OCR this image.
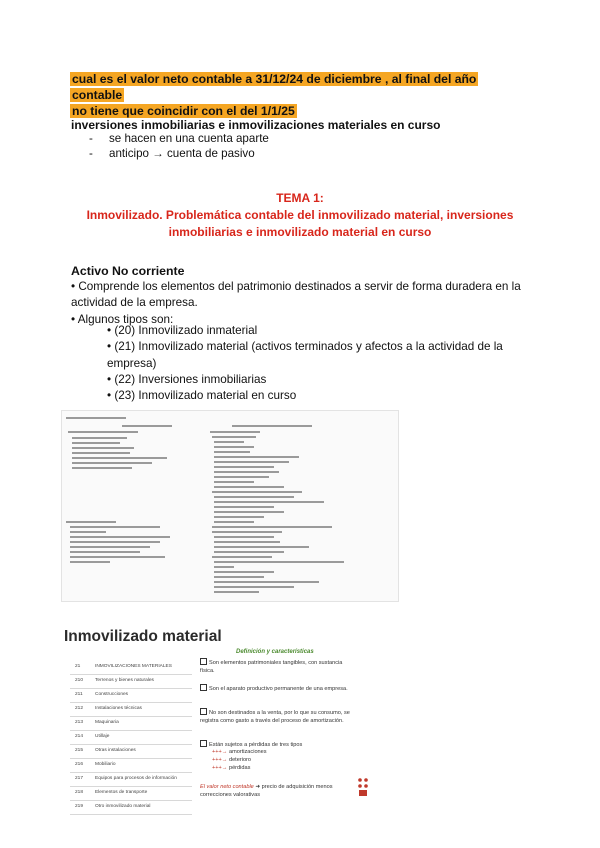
cual es el valor neto contable a 31/12/24 de diciembre , al final del año contable
no tiene que coincidir con el del 1/1/25
inversiones inmobiliarias e inmovilizaciones materiales en curso
- se hacen en una cuenta aparte
- anticipo → cuenta de pasivo
TEMA 1:
Inmovilizado. Problemática contable del inmovilizado material, inversiones
inmobiliarias e inmovilizado material en curso
Activo No corriente
• Comprende los elementos del patrimonio destinados a servir de forma duradera en la
actividad de la empresa.
• Algunos tipos son:
• (20) Inmovilizado inmaterial
• (21) Inmovilizado material (activos terminados y afectos a la actividad de la
empresa)
• (22) Inversiones inmobiliarias
• (23) Inmovilizado material en curso
Inmovilizado material
Definición y características
21	INMOVILIZACIONES MATERIALES
210 Terrenos y bienes naturales
211	Construcciones
212 Instalaciones técnicas
213 Maquinaria
214 Utillaje
215 Otras instalaciones
216 Mobiliario
217 Equipos para procesos de información
218 Elementos de transporte
219 Otro inmovilizado material
Son elementos patrimoniales tangibles, con sustancia física.
Son el aparato productivo permanente de una empresa.
No son destinados a la venta, por lo que su consumo, se registra como gasto a través del proceso de amortización.
Están sujetos a pérdidas de tres tipos
+++→ amortizaciones
+++→ deterioro
+++→ pérdidas
El valor neto contable ➜ precio de adquisición menos correcciones valorativas
